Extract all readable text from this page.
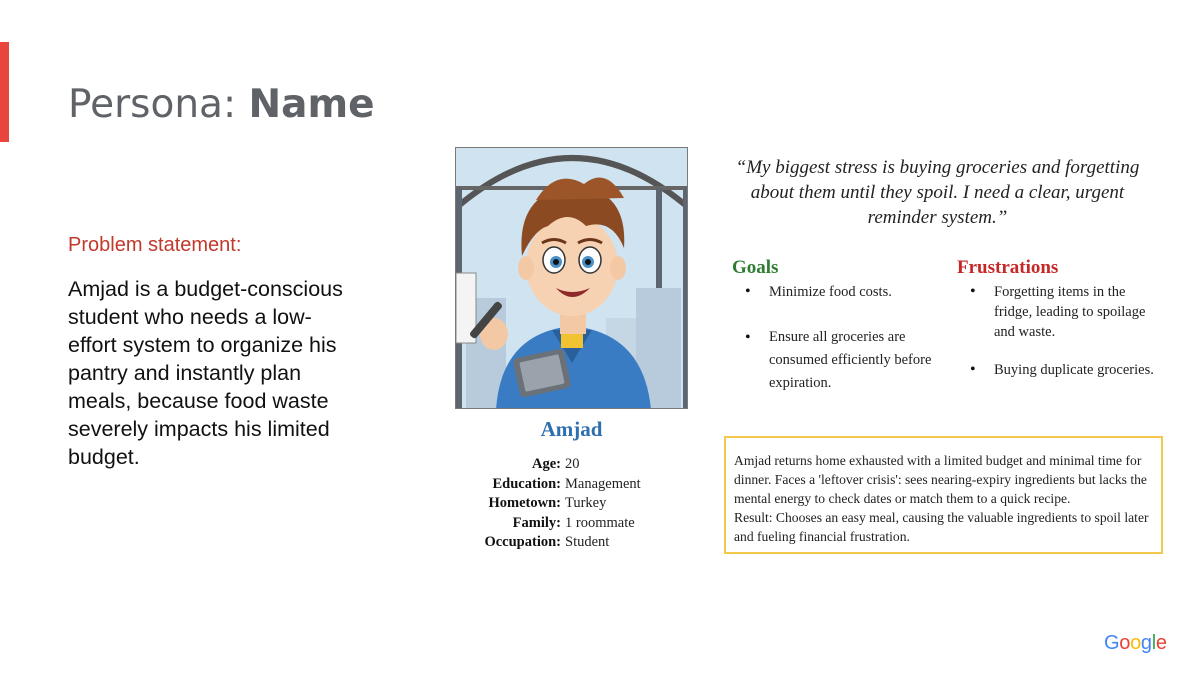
Persona: Name
Problem statement:

Amjad is a budget-conscious student who needs a low-effort system to organize his pantry and instantly plan meals, because food waste severely impacts his limited budget.

Amjad
Age: 20
Education: Management
Hometown: Turkey
Family: 1 roommate
Occupation: Student

“My biggest stress is buying groceries and forgetting about them until they spoil. I need a clear, urgent reminder system.”

Goals	Frustrations
• Minimize food costs.
• Ensure all groceries are consumed efficiently before expiration.
• Forgetting items in the fridge, leading to spoilage and waste.
• Buying duplicate groceries.
Amjad returns home exhausted with a limited budget and minimal time for dinner. Faces a 'leftover crisis': sees nearing-expiry ingredients but lacks the mental energy to check dates or match them to a quick recipe.
Result: Chooses an easy meal, causing the valuable ingredients to spoil later and fueling financial frustration.
Google
